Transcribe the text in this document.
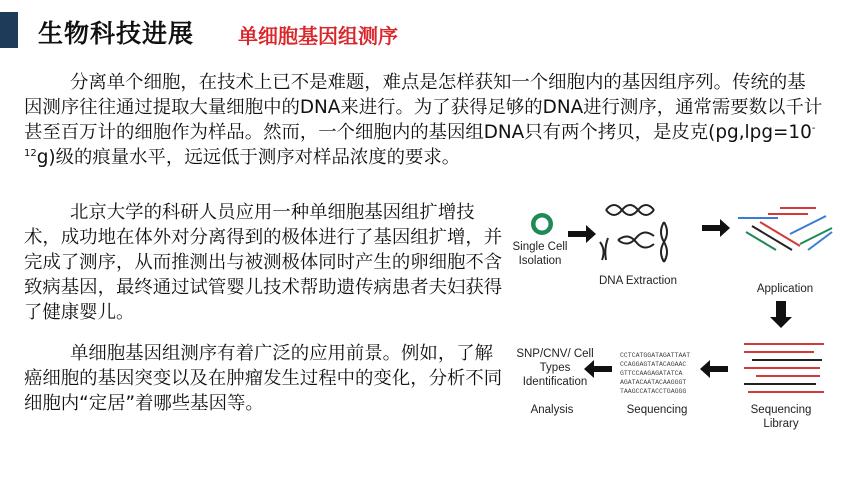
生物科技进展 单细胞基因组测序
分离单个细胞，在技术上已不是难题，难点是怎样获知一个细胞内的基因组序列。传统的基因测序往往通过提取大量细胞中的DNA来进行。为了获得足够的DNA进行测序，通常需要数以千计甚至百万计的细胞作为样品。然而，一个细胞内的基因组DNA只有两个拷贝，是皮克$(pg,lpg=10^{-12}g)$级的痕量水平，远远低于测序对样品浓度的要求。
北京大学的科研人员应用一种单细胞基因组扩增技术，成功地在体外对分离得到的极体进行了基因组扩增，并完成了测序，从而推测出与被测极体同时产生的卵细胞不含致病基因，最终通过试管婴儿技术帮助遗传病患者夫妇获得了健康婴儿。
单细胞基因组测序有着广泛的应用前景。例如，了解癌细胞的基因突变以及在肿瘤发生过程中的变化，分析不同细胞内“定居”着哪些基因等。
Single Cell Isolation
DNA Extraction
Application
SNP/CNV/ Cell Types Identification
CCTCATGGATAGATTAAT
CCAGGAGTATACAGAAC
GTTCCAAGAGATATCA
AGATACAATACAAGGGT
TAAGCCATACCTGAGGG
Analysis	Sequencing	Sequencing Library
